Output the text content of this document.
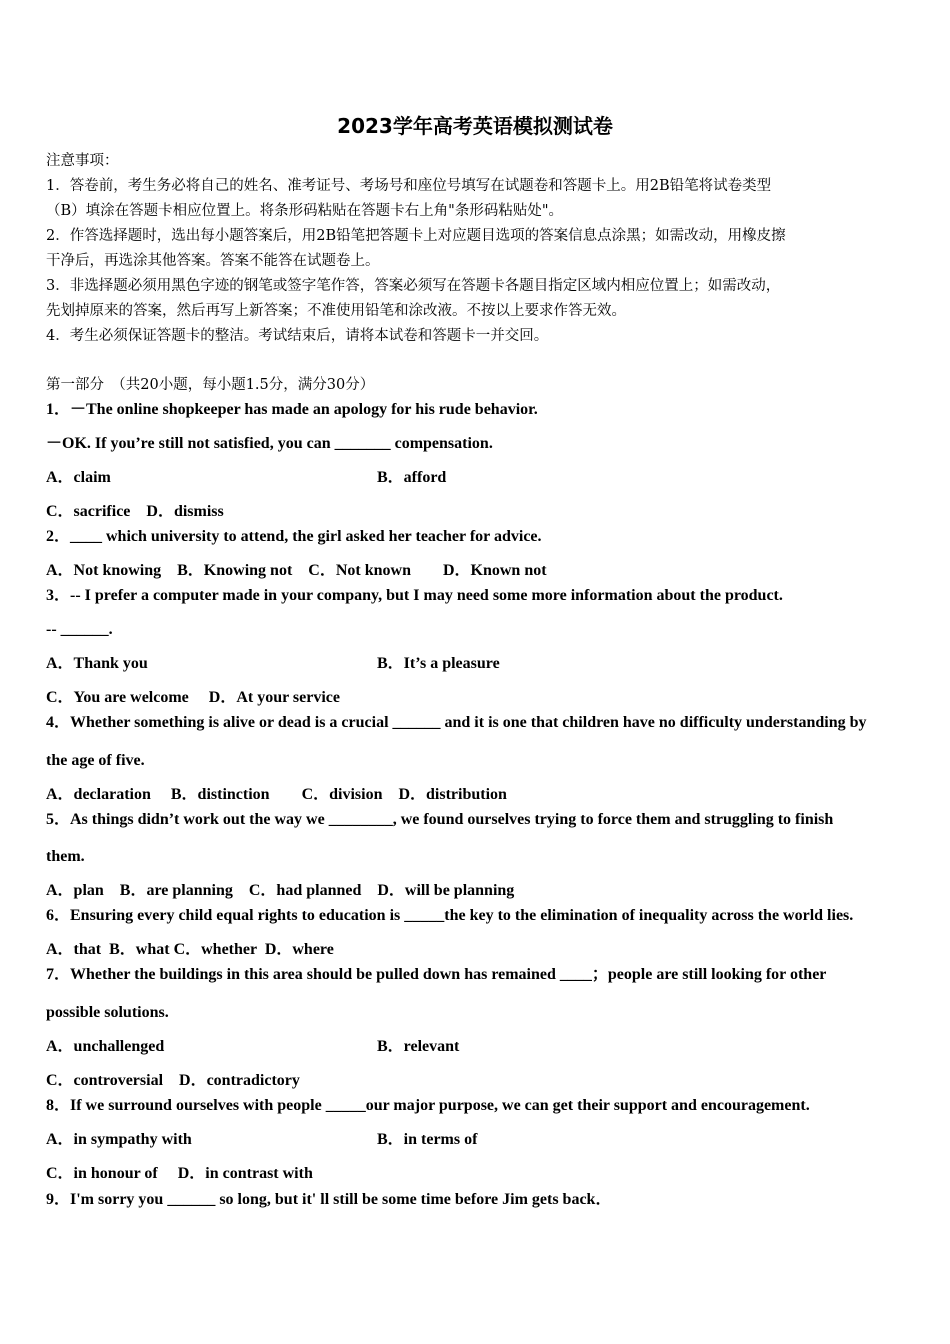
2023学年高考英语模拟测试卷
注意事项：
1．答卷前，考生务必将自己的姓名、准考证号、考场号和座位号填写在试题卷和答题卡上。用2B铅笔将试卷类型
（B）填涂在答题卡相应位置上。将条形码粘贴在答题卡右上角"条形码粘贴处"。
2．作答选择题时，选出每小题答案后，用2B铅笔把答题卡上对应题目选项的答案信息点涂黑；如需改动，用橡皮擦
干净后，再选涂其他答案。答案不能答在试题卷上。
3．非选择题必须用黑色字迹的钢笔或签字笔作答，答案必须写在答题卡各题目指定区域内相应位置上；如需改动，
先划掉原来的答案，然后再写上新答案；不准使用铅笔和涂改液。不按以上要求作答无效。
4．考生必须保证答题卡的整洁。考试结束后，请将本试卷和答题卡一并交回。
第一部分　（共20小题，每小题1.5分，满分30分）
1．－The online shopkeeper has made an apology for his rude behavior.
－OK. If you’re still not satisfied, you can _______ compensation.
A．claim	B．afford
C．sacrifice　D．dismiss
2．____ which university to attend, the girl asked her teacher for advice.
A．Not knowing　B．Knowing not　C．Not known　　D．Known not
3．-- I prefer a computer made in your company, but I may need some more information about the product.
-- ______.
A．Thank you	B．It’s a pleasure
C．You are welcome　 D．At your service
4．Whether something is alive or dead is a crucial ______ and it is one that children have no difficulty understanding by
the age of five.
A．declaration　 B．distinction　　C．division　D．distribution
5．As things didn’t work out the way we ________, we found ourselves trying to force them and struggling to finish
them.
A．plan　B．are planning　C．had planned　D．will be planning
6．Ensuring every child equal rights to education is _____the key to the elimination of inequality across the world lies.
A．that  B．what C．whether  D．where
7．Whether the buildings in this area should be pulled down has remained ____；people are still looking for other
possible solutions.
A．unchallenged	B．relevant
C．controversial　D．contradictory
8．If we surround ourselves with people _____our major purpose, we can get their support and encouragement.
A．in sympathy with	B．in terms of
C．in honour of　 D．in contrast with
9．I'm sorry you ______ so long, but it' ll still be some time before Jim gets back．
